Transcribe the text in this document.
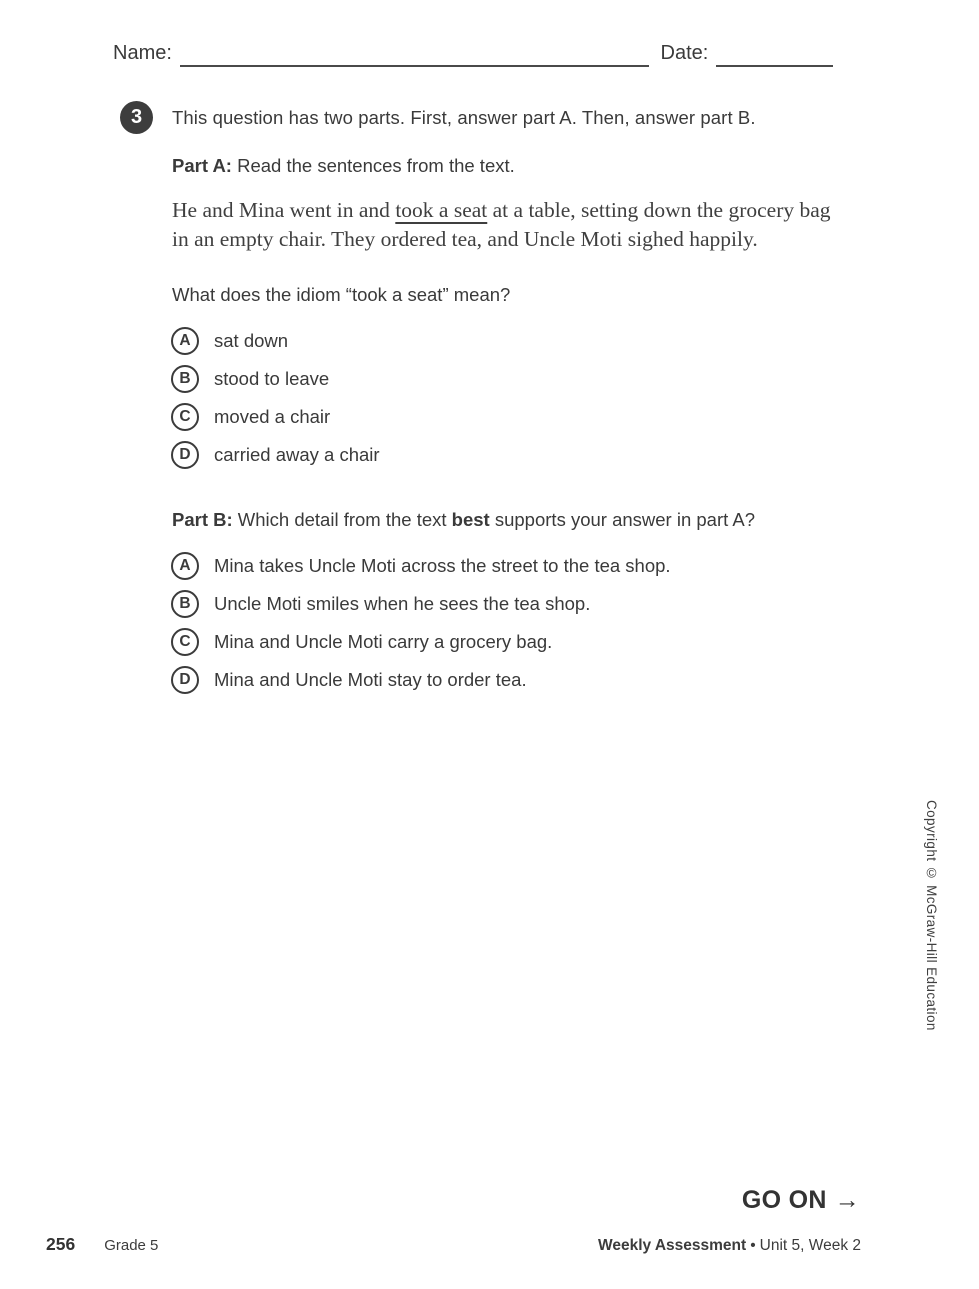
Name:	Date:
3	This question has two parts. First, answer part A. Then, answer part B.
Part A: Read the sentences from the text.
He and Mina went in and took a seat at a table, setting down the grocery bag in an empty chair. They ordered tea, and Uncle Moti sighed happily.
What does the idiom “took a seat” mean?
A	sat down
B	stood to leave
C	moved a chair
D	carried away a chair
Part B: Which detail from the text best supports your answer in part A?
A	Mina takes Uncle Moti across the street to the tea shop.
B	Uncle Moti smiles when he sees the tea shop.
C	Mina and Uncle Moti carry a grocery bag.
D	Mina and Uncle Moti stay to order tea.
Copyright © McGraw-Hill Education
GO ON →
256 Grade 5	Weekly Assessment • Unit 5, Week 2
